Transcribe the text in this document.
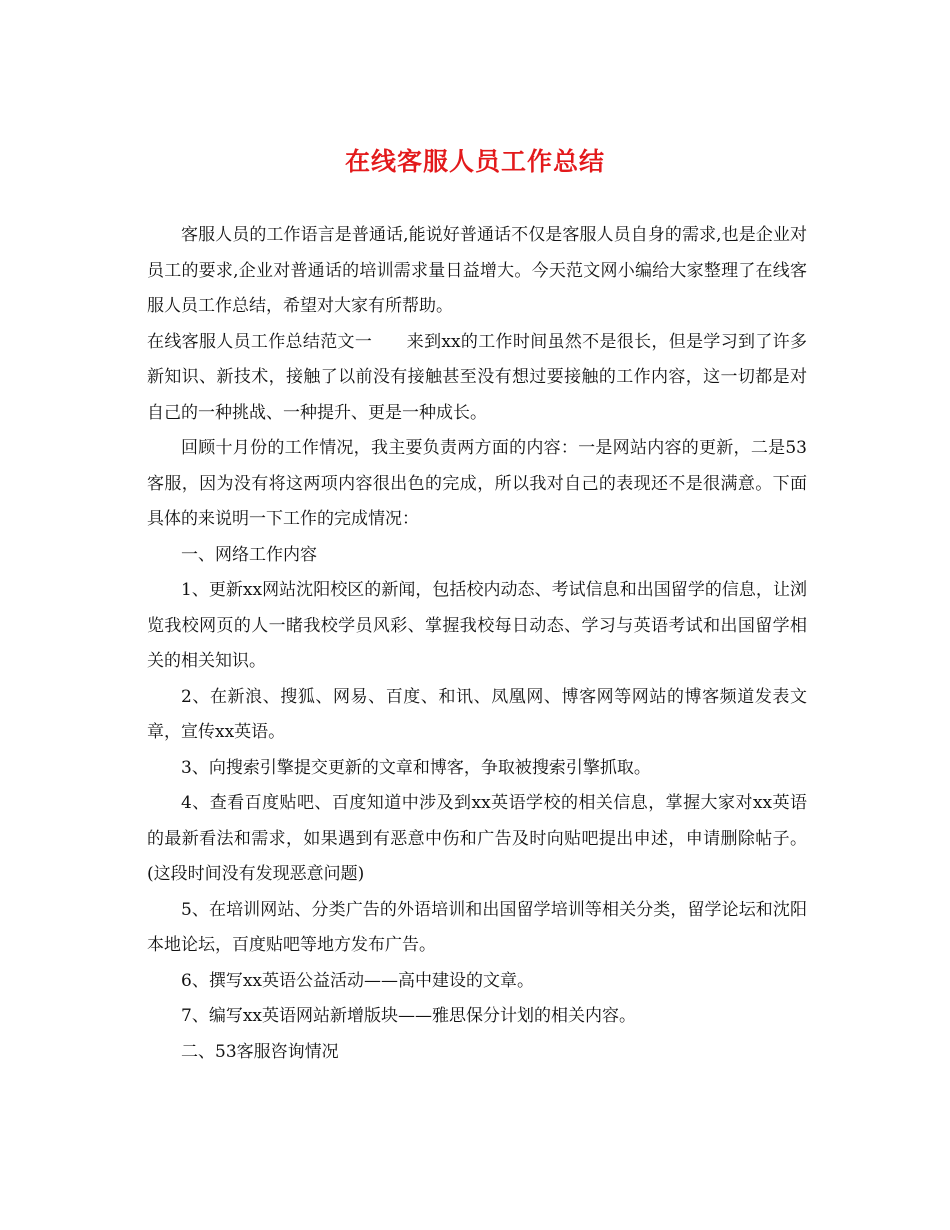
在线客服人员工作总结

客服人员的工作语言是普通话,能说好普通话不仅是客服人员自身的需求,也是企业对员工的要求,企业对普通话的培训需求量日益增大。今天范文网小编给大家整理了在线客服人员工作总结，希望对大家有所帮助。

在线客服人员工作总结范文一　　来到xx的工作时间虽然不是很长，但是学习到了许多新知识、新技术，接触了以前没有接触甚至没有想过要接触的工作内容，这一切都是对自己的一种挑战、一种提升、更是一种成长。

回顾十月份的工作情况，我主要负责两方面的内容：一是网站内容的更新，二是53客服，因为没有将这两项内容很出色的完成，所以我对自己的表现还不是很满意。下面具体的来说明一下工作的完成情况：

一、网络工作内容

1、更新xx网站沈阳校区的新闻，包括校内动态、考试信息和出国留学的信息，让浏览我校网页的人一睹我校学员风彩、掌握我校每日动态、学习与英语考试和出国留学相关的相关知识。

2、在新浪、搜狐、网易、百度、和讯、凤凰网、博客网等网站的博客频道发表文章，宣传xx英语。

3、向搜索引擎提交更新的文章和博客，争取被搜索引擎抓取。

4、查看百度贴吧、百度知道中涉及到xx英语学校的相关信息，掌握大家对xx英语的最新看法和需求，如果遇到有恶意中伤和广告及时向贴吧提出申述，申请删除帖子。(这段时间没有发现恶意问题)

5、在培训网站、分类广告的外语培训和出国留学培训等相关分类，留学论坛和沈阳本地论坛，百度贴吧等地方发布广告。

6、撰写xx英语公益活动——高中建设的文章。

7、编写xx英语网站新增版块——雅思保分计划的相关内容。

二、53客服咨询情况
